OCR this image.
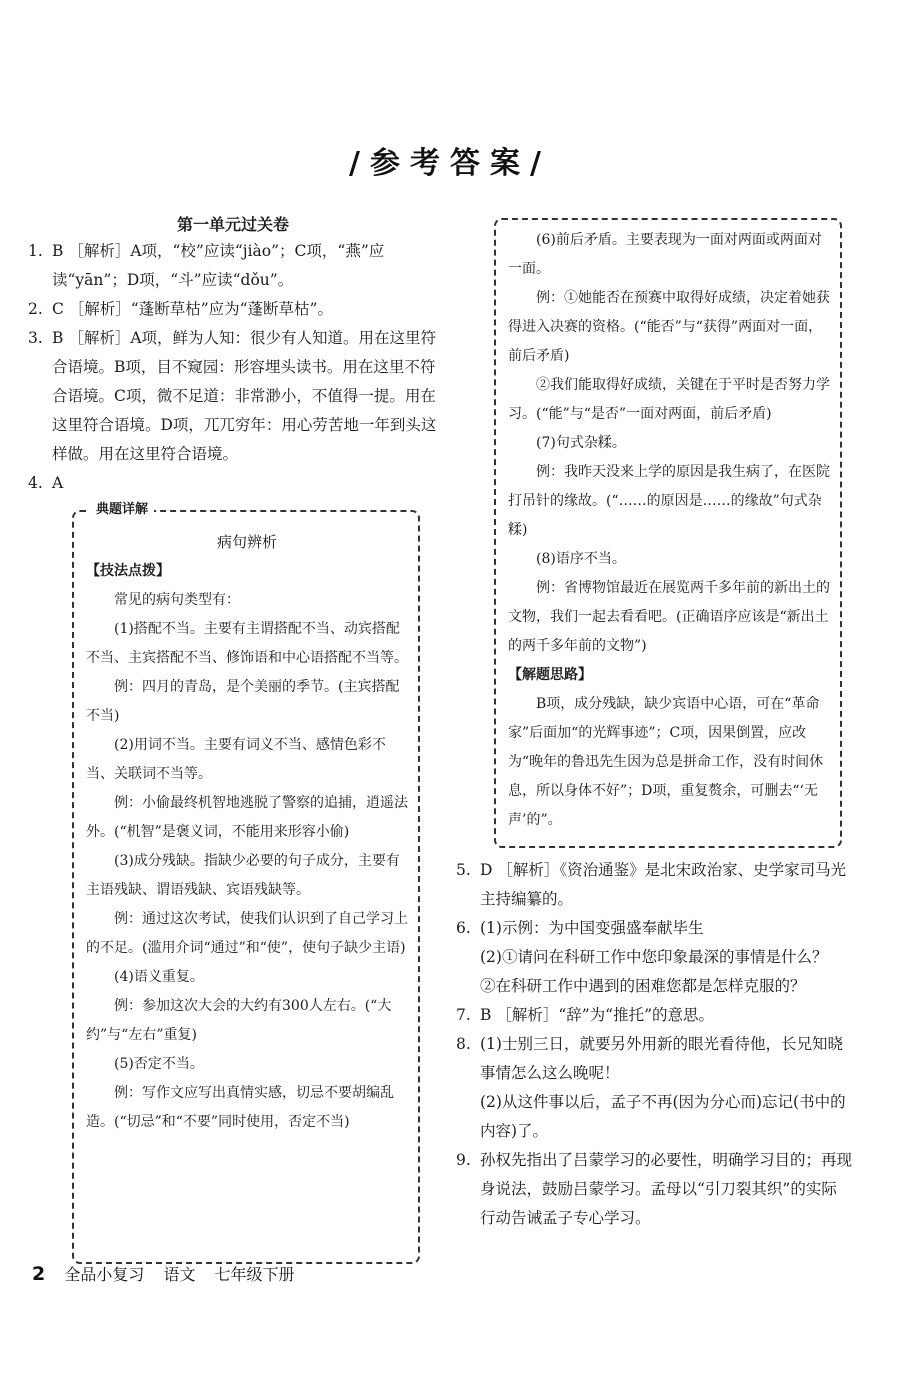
/参考答案/
第一单元过关卷
1. B ［解析］A项，“校”应读“jiào”；C项，“燕”应读“yān”；D项，“斗”应读“dǒu”。
2. C ［解析］“蓬断草枯”应为“蓬断草枯”。
3. B ［解析］A项，鲜为人知：很少有人知道。用在这里符合语境。B项，目不窥园：形容埋头读书。用在这里不符合语境。C项，微不足道：非常渺小，不值得一提。用在这里符合语境。D项，兀兀穷年：用心劳苦地一年到头这样做。用在这里符合语境。
4. A
典题详解
病句辨析
【技法点拨】
常见的病句类型有：
(1)搭配不当。主要有主谓搭配不当、动宾搭配不当、主宾搭配不当、修饰语和中心语搭配不当等。
例：四月的青岛，是个美丽的季节。(主宾搭配不当)
(2)用词不当。主要有词义不当、感情色彩不当、关联词不当等。
例：小偷最终机智地逃脱了警察的追捕，逍遥法外。(“机智”是褒义词，不能用来形容小偷)
(3)成分残缺。指缺少必要的句子成分，主要有主语残缺、谓语残缺、宾语残缺等。
例：通过这次考试，使我们认识到了自己学习上的不足。(滥用介词“通过”和“使”，使句子缺少主语)
(4)语义重复。
例：参加这次大会的大约有300人左右。(“大约”与“左右”重复)
(5)否定不当。
例：写作文应写出真情实感，切忌不要胡编乱造。(“切忌”和“不要”同时使用，否定不当)
(6)前后矛盾。主要表现为一面对两面或两面对一面。
例：①她能否在预赛中取得好成绩，决定着她获得进入决赛的资格。(“能否”与“获得”两面对一面，前后矛盾)
②我们能取得好成绩，关键在于平时是否努力学习。(“能”与“是否”一面对两面，前后矛盾)
(7)句式杂糅。
例：我昨天没来上学的原因是我生病了，在医院打吊针的缘故。(“……的原因是……的缘故”句式杂糅)
(8)语序不当。
例：省博物馆最近在展览两千多年前的新出土的文物，我们一起去看看吧。(正确语序应该是“新出土的两千多年前的文物”)
【解题思路】
B项，成分残缺，缺少宾语中心语，可在“革命家”后面加“的光辉事迹”；C项，因果倒置，应改为“晚年的鲁迅先生因为总是拼命工作，没有时间休息，所以身体不好”；D项，重复赘余，可删去“‘无声’的”。
5. D ［解析］《资治通鉴》是北宋政治家、史学家司马光主持编纂的。
6. (1)示例：为中国变强盛奉献毕生
(2)①请问在科研工作中您印象最深的事情是什么？
②在科研工作中遇到的困难您都是怎样克服的？
7. B ［解析］“辞”为“推托”的意思。
8. (1)士别三日，就要另外用新的眼光看待他，长兄知晓事情怎么这么晚呢！
(2)从这件事以后，孟子不再(因为分心而)忘记(书中的内容)了。
9. 孙权先指出了吕蒙学习的必要性，明确学习目的；再现身说法，鼓励吕蒙学习。孟母以“引刀裂其织”的实际行动告诫孟子专心学习。
2 全品小复习 语文 七年级下册
